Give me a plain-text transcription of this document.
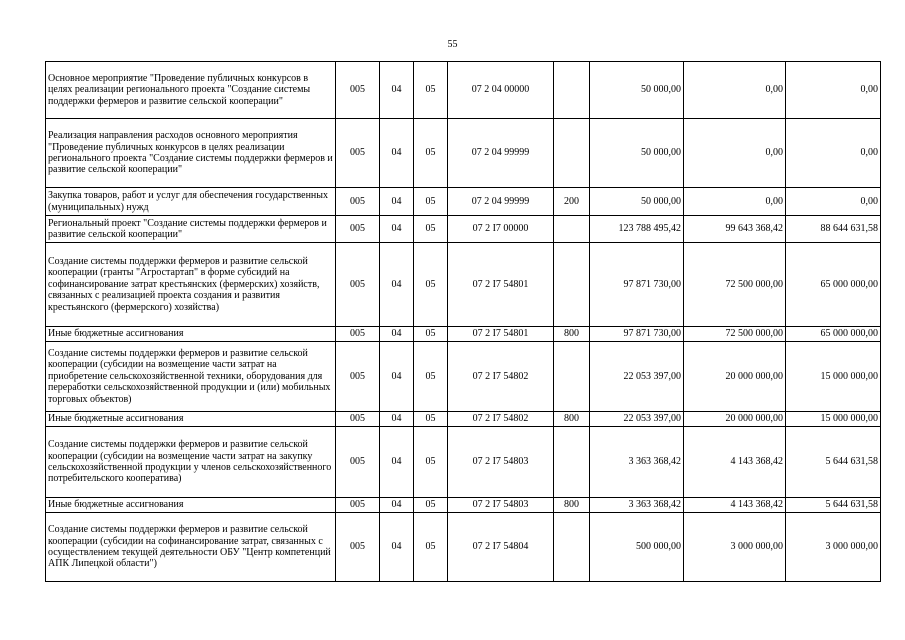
55
Основное мероприятие "Проведение публичных конкурсов в целях реализации регионального проекта "Создание системы поддержки фермеров и развитие сельской кооперации"	005	04	05	07 2 04 00000		50 000,00	0,00	0,00
Реализация направления расходов основного мероприятия "Проведение публичных конкурсов в целях реализации регионального проекта "Создание системы поддержки фермеров и развитие сельской кооперации"	005	04	05	07 2 04 99999		50 000,00	0,00	0,00
Закупка товаров, работ и услуг для обеспечения государственных (муниципальных) нужд	005	04	05	07 2 04 99999	200	50 000,00	0,00	0,00
Региональный проект "Создание системы поддержки фермеров и развитие сельской кооперации"	005	04	05	07 2 I7 00000		123 788 495,42	99 643 368,42	88 644 631,58
Создание системы поддержки фермеров и развитие сельской кооперации (гранты "Агростартап" в форме субсидий на софинансирование затрат крестьянских (фермерских) хозяйств, связанных с реализацией проекта создания и развития крестьянского (фермерского) хозяйства)	005	04	05	07 2 I7 54801		97 871 730,00	72 500 000,00	65 000 000,00
Иные бюджетные ассигнования	005	04	05	07 2 I7 54801	800	97 871 730,00	72 500 000,00	65 000 000,00
Создание системы поддержки фермеров и развитие сельской кооперации (субсидии на возмещение части затрат на приобретение сельскохозяйственной техники, оборудования для переработки сельскохозяйственной продукции и (или) мобильных торговых объектов)	005	04	05	07 2 I7 54802		22 053 397,00	20 000 000,00	15 000 000,00
Иные бюджетные ассигнования	005	04	05	07 2 I7 54802	800	22 053 397,00	20 000 000,00	15 000 000,00
Создание системы поддержки фермеров и развитие сельской кооперации (субсидии на возмещение части затрат на закупку сельскохозяйственной продукции у членов сельскохозяйственного потребительского кооператива)	005	04	05	07 2 I7 54803		3 363 368,42	4 143 368,42	5 644 631,58
Иные бюджетные ассигнования	005	04	05	07 2 I7 54803	800	3 363 368,42	4 143 368,42	5 644 631,58
Создание системы поддержки фермеров и развитие сельской кооперации (субсидии на софинансирование затрат, связанных с осуществлением текущей деятельности ОБУ "Центр компетенций АПК Липецкой области")	005	04	05	07 2 I7 54804		500 000,00	3 000 000,00	3 000 000,00
